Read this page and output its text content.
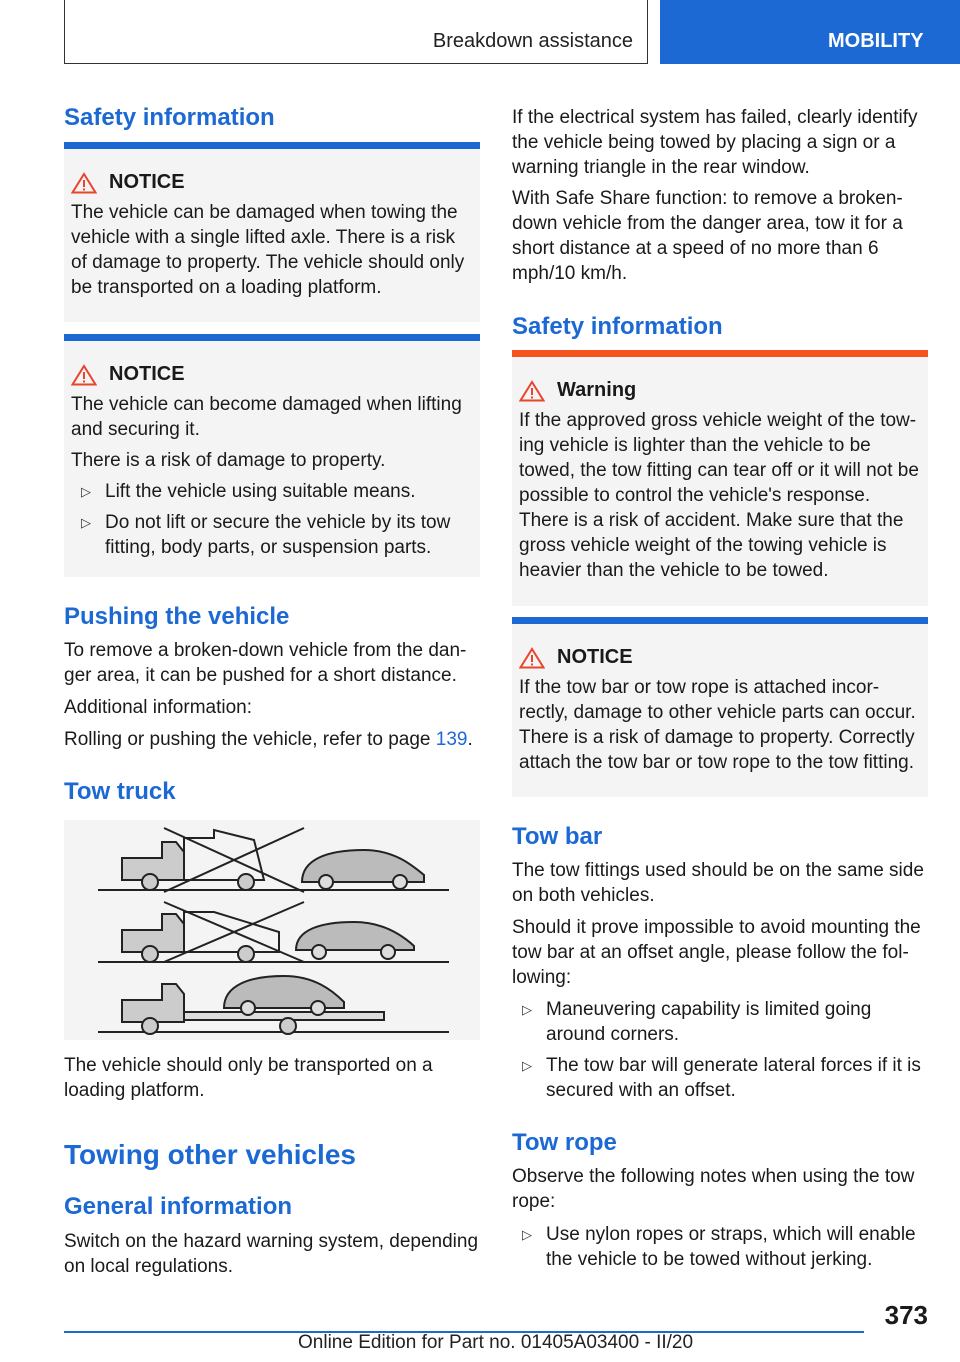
Breakdown assistance	MOBILITY
Safety information
NOTICE

The vehicle can be damaged when towing the vehicle with a single lifted axle. There is a risk of damage to property. The vehicle should only be transported on a loading platform.

NOTICE

The vehicle can become damaged when lifting and securing it.

There is a risk of damage to property.

▷ Lift the vehicle using suitable means.
▷ Do not lift or secure the vehicle by its tow fitting, body parts, or suspension parts.
Pushing the vehicle

To remove a broken-down vehicle from the danger area, it can be pushed for a short distance.

Additional information:

Rolling or pushing the vehicle, refer to page 139.

Tow truck

The vehicle should only be transported on a loading platform.

Towing other vehicles
General information

Switch on the hazard warning system, depending on local regulations.

If the electrical system has failed, clearly identify the vehicle being towed by placing a sign or a warning triangle in the rear window.

With Safe Share function: to remove a broken-down vehicle from the danger area, tow it for a short distance at a speed of no more than 6 mph/10 km/h.

Safety information
Warning

If the approved gross vehicle weight of the towing vehicle is lighter than the vehicle to be towed, the tow fitting can tear off or it will not be possible to control the vehicle's response. There is a risk of accident. Make sure that the gross vehicle weight of the towing vehicle is heavier than the vehicle to be towed.

NOTICE

If the tow bar or tow rope is attached incorrectly, damage to other vehicle parts can occur. There is a risk of damage to property. Correctly attach the tow bar or tow rope to the tow fitting.

Tow bar

The tow fittings used should be on the same side on both vehicles.

Should it prove impossible to avoid mounting the tow bar at an offset angle, please follow the following:

▷ Maneuvering capability is limited going around corners.
▷ The tow bar will generate lateral forces if it is secured with an offset.
Tow rope

Observe the following notes when using the tow rope:

▷ Use nylon ropes or straps, which will enable the vehicle to be towed without jerking.
373
Online Edition for Part no. 01405A03400 - II/20
